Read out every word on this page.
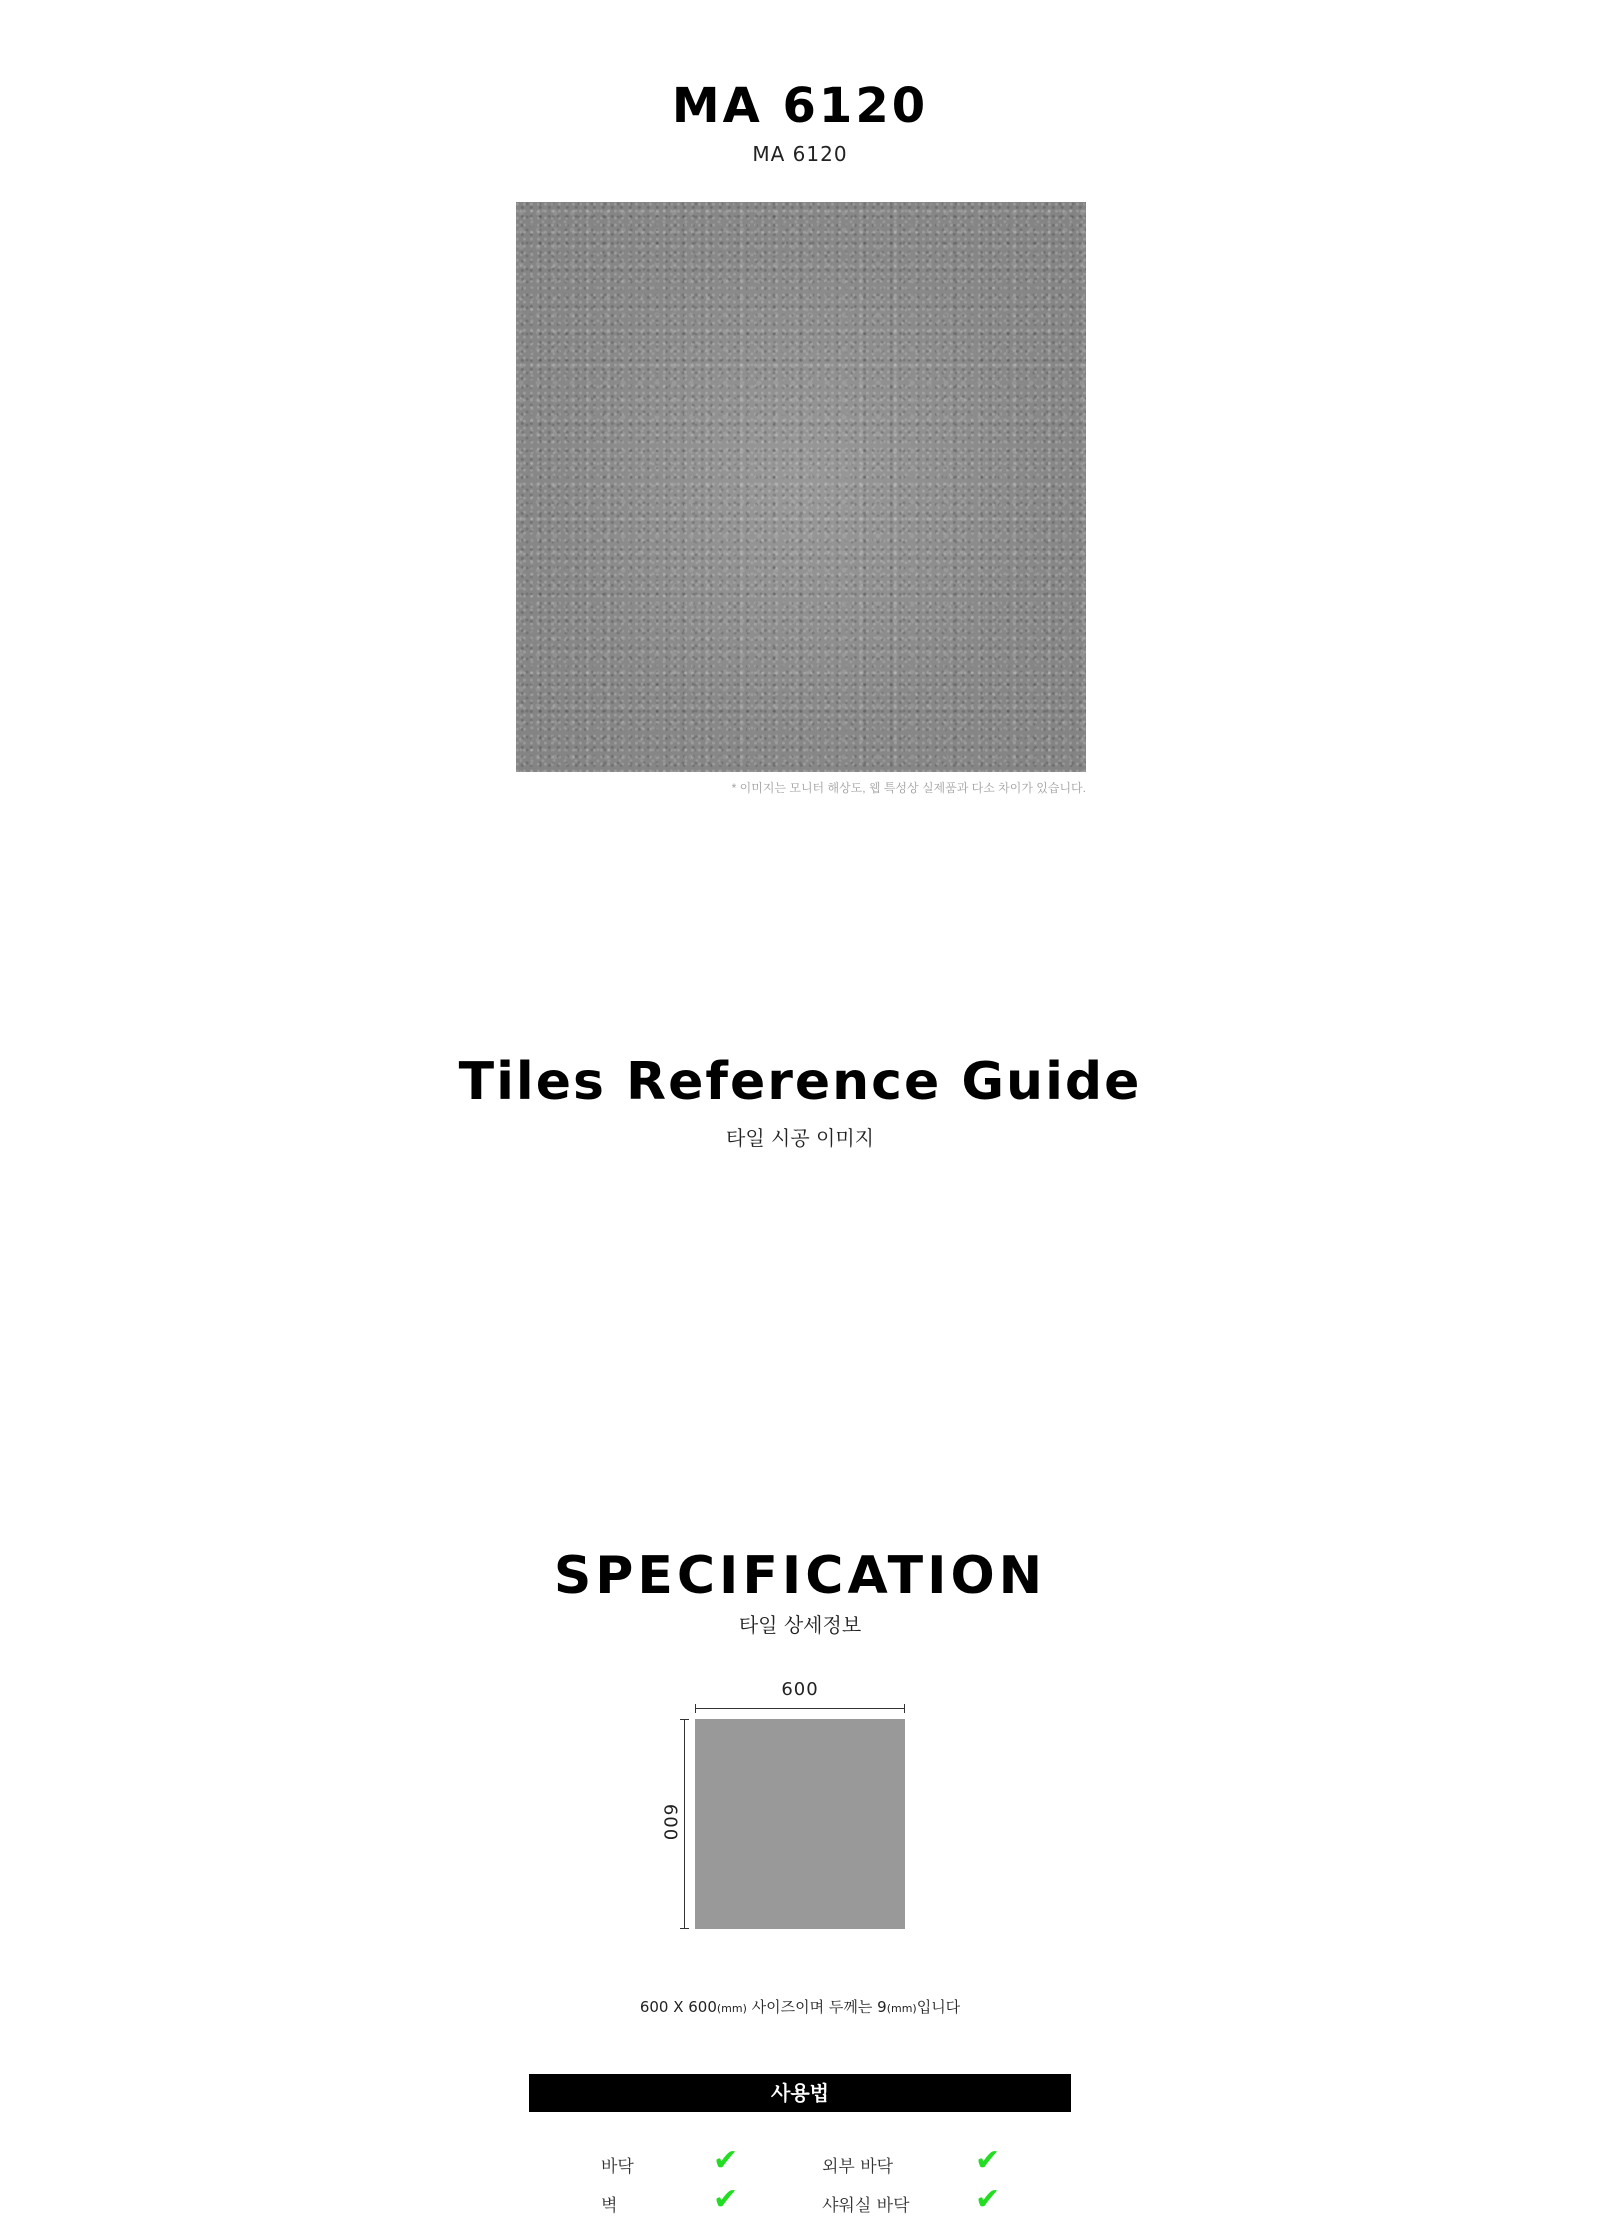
MA 6120
MA 6120
* 이미지는 모니터 해상도, 웹 특성상 실제품과 다소 차이가 있습니다.
Tiles Reference Guide
타일 시공 이미지
SPECIFICATION
타일 상세정보
600
600
600 X 600(mm) 사이즈이며 두께는 9(mm)입니다
사용법
바닥	✔	외부 바닥	✔
벽	✔	샤워실 바닥 ✔
